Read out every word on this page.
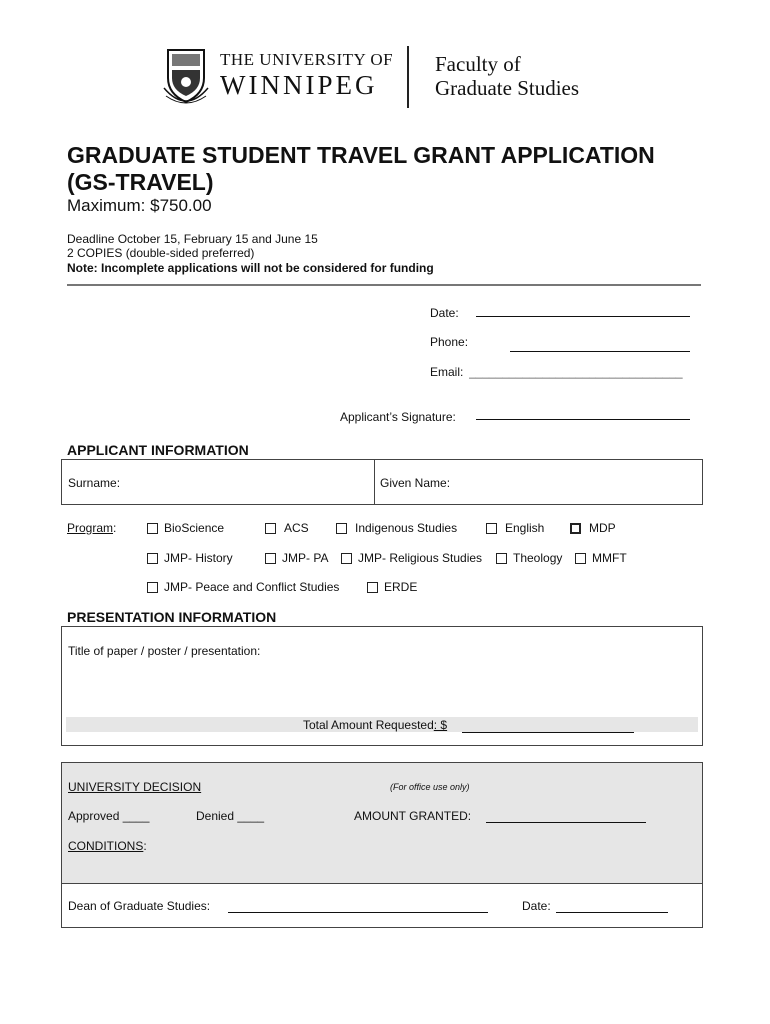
THE UNIVERSITY OF
WINNIPEG
Faculty of
Graduate Studies
GRADUATE STUDENT TRAVEL GRANT APPLICATION (GS-TRAVEL)
Maximum: $750.00
Deadline October 15, February 15 and June 15
2 COPIES (double-sided preferred)
Note: Incomplete applications will not be considered for funding
Date:
Phone:
Email: ________________________________
Applicant’s Signature:
APPLICANT INFORMATION
Surname:	Given Name:
Program:	BioScience	ACS	Indigenous Studies	English	MDP
JMP- History	JMP- PA JMP- Religious Studies	Theology MMFT
JMP- Peace and Conflict Studies	ERDE
PRESENTATION INFORMATION
Title of paper / poster / presentation:
Total Amount Requested: $
UNIVERSITY DECISION	(For office use only)
Approved ____	Denied ____	AMOUNT GRANTED:
CONDITIONS:
Dean of Graduate Studies:	Date:
